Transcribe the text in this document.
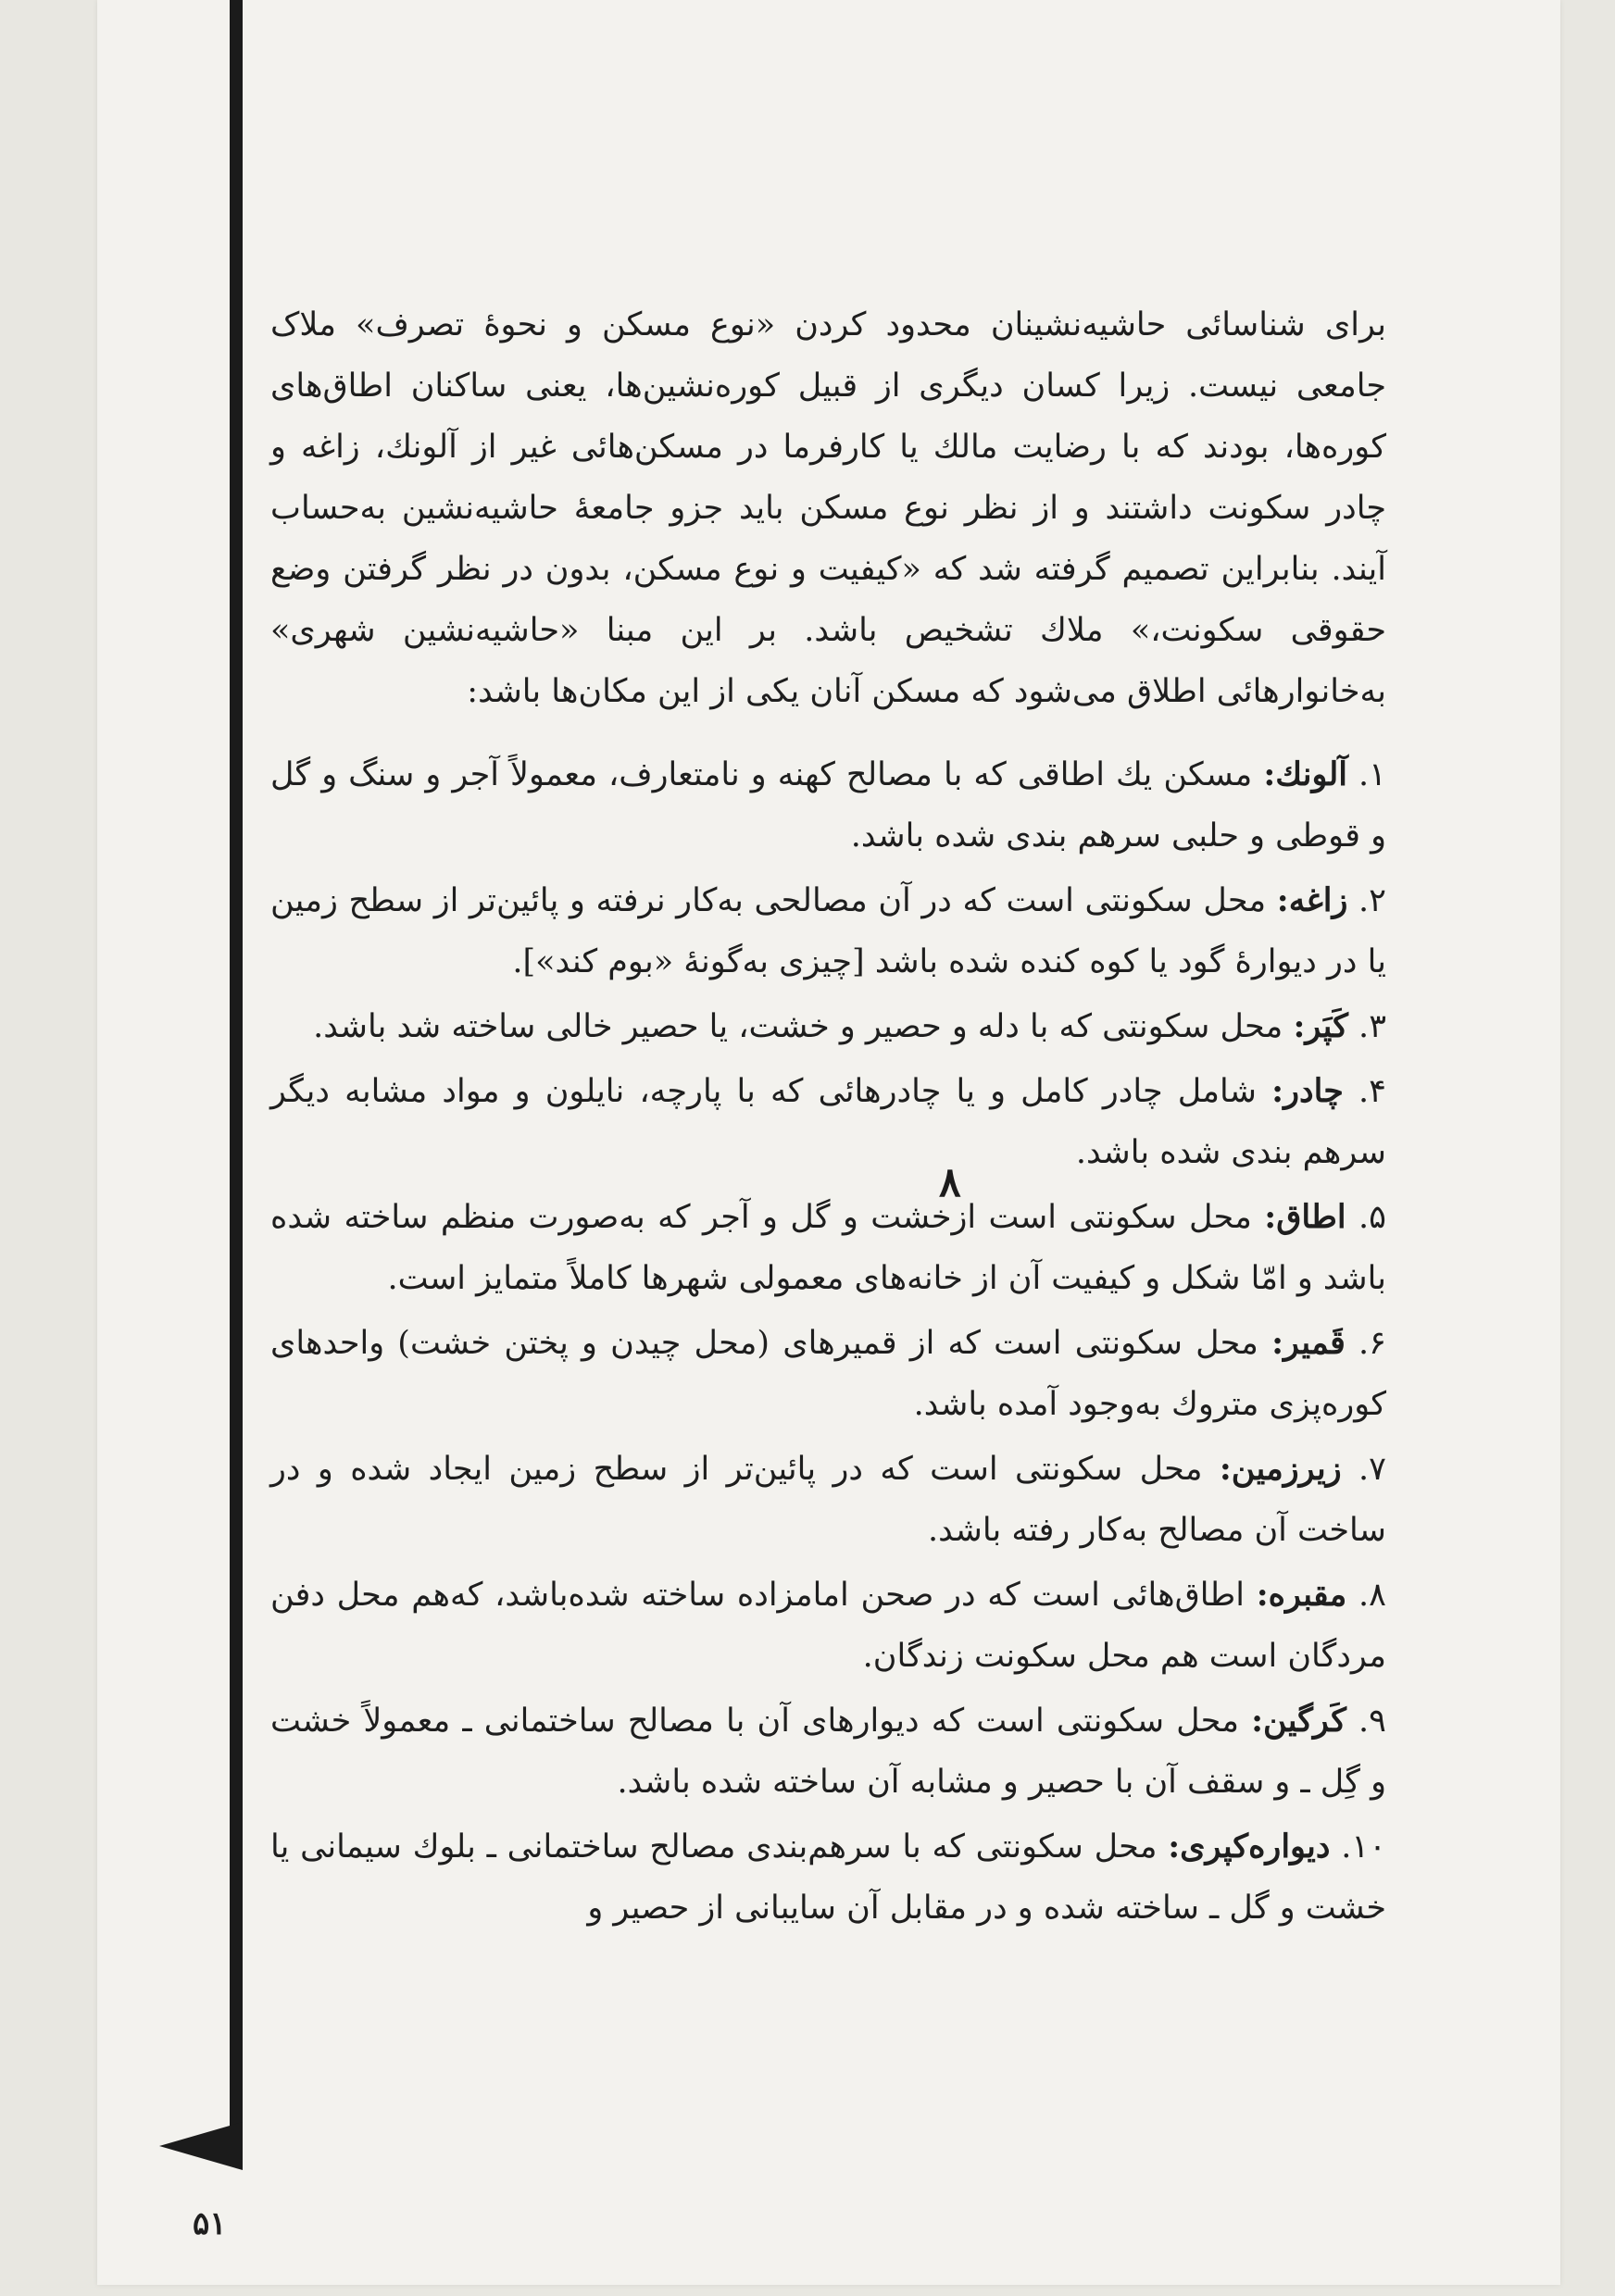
برای شناسائی حاشیه‌نشینان محدود کردن «نوع مسکن و نحوهٔ تصرف» ملاک جامعی نیست. زیرا کسان دیگری از قبیل کوره‌نشین‌ها، یعنی ساکنان اطاق‌های کوره‌ها، بودند که با رضایت مالك یا کارفرما در مسکن‌هائی غیر از آلونك، زاغه و چادر سکونت داشتند و از نظر نوع مسکن باید جزو جامعهٔ حاشیه‌نشین به‌حساب آیند. بنابراین تصمیم گرفته شد که «کیفیت و نوع مسکن، بدون در نظر گرفتن وضع حقوقی سکونت،» ملاك تشخیص باشد. بر این مبنا «حاشیه‌نشین شهری» به‌خانوارهائی اطلاق می‌شود که مسکن آنان یکی از این مکان‌ها باشد:

۱. آلونك: مسکن یك اطاقی که با مصالح کهنه و نامتعارف، معمولاً آجر و سنگ و گل و قوطی و حلبی سرهم بندی شده باشد.

۲. زاغه: محل سکونتی است که در آن مصالحی به‌کار نرفته و پائین‌تر از سطح زمین یا در دیوارهٔ گود یا کوه کنده شده باشد [چیزی به‌گونهٔ «بوم کند»].

۳. کَپَر: محل سکونتی که با دله و حصیر و خشت، یا حصیر خالی ساخته شد باشد.

۴. چادر: شامل چادر کامل و یا چادرهائی که با پارچه، نایلون و مواد مشابه دیگر سرهم بندی شده باشد.

۵. اطاق: محل سکونتی است ازخشت و گل و آجر که به‌صورت منظم ساخته شده باشد و امّا شکل و کیفیت آن از خانه‌های معمولی شهرها کاملاً متمایز است.

۶. قَمیر: محل سکونتی است که از قمیرهای (محل چیدن و پختن خشت) واحدهای کوره‌پزی متروك به‌وجود آمده باشد.

۷. زیرزمین: محل سکونتی است که در پائین‌تر از سطح زمین ایجاد شده و در ساخت آن مصالح به‌کار رفته باشد.

۸. مقبره: اطاق‌هائی است که در صحن امامزاده ساخته شده‌باشد، که‌هم محل دفن مردگان است هم محل سکونت زندگان.

۹. کَرگین: محل سکونتی است که دیوارهای آن با مصالح ساختمانی ـ معمولاً خشت و گِل ـ و سقف آن با حصیر و مشابه آن ساخته شده باشد.

۱۰. دیواره‌کپری: محل سکونتی که با سرهم‌بندی مصالح ساختمانی ـ بلوك سیمانی یا خشت و گل ـ ساخته شده و در مقابل آن سایبانی از حصیر و

۸
۵۱
